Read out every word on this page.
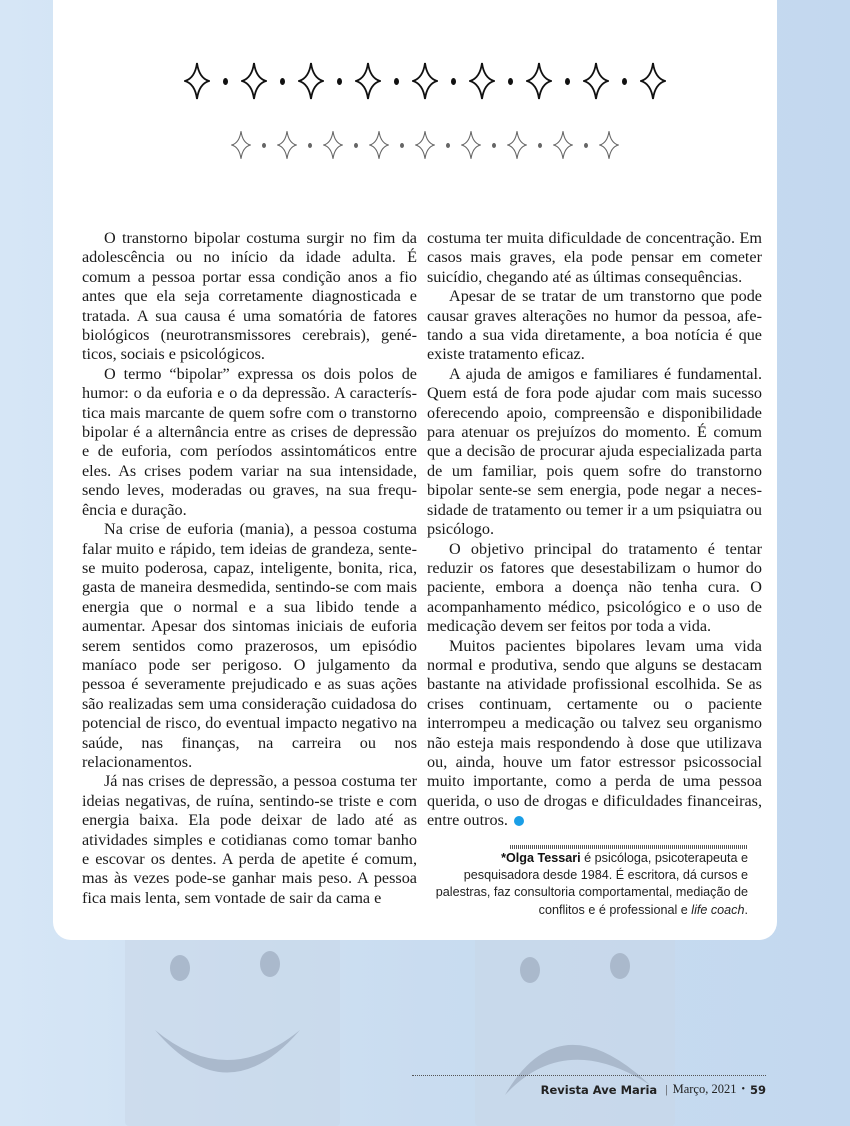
O transtorno bipolar costuma surgir no fim da adolescência ou no início da idade adulta. É comum a pessoa portar essa condição anos a fio antes que ela seja corretamente diagnosticada e tratada. A sua causa é uma somatória de fatores biológicos (neurotransmissores cerebrais), genéticos, sociais e psicológicos.

O termo “bipolar” expressa os dois polos de humor: o da euforia e o da depressão. A característica mais marcante de quem sofre com o transtorno bipolar é a alternância entre as crises de depressão e de euforia, com períodos assintomáticos entre eles. As crises podem variar na sua intensidade, sendo leves, moderadas ou graves, na sua frequência e duração.

Na crise de euforia (mania), a pessoa costuma falar muito e rápido, tem ideias de grandeza, sente-se muito poderosa, capaz, inteligente, bonita, rica, gasta de maneira desmedida, sentindo-se com mais energia que o normal e a sua libido tende a aumentar. Apesar dos sintomas iniciais de euforia serem sentidos como prazerosos, um episódio maníaco pode ser perigoso. O julgamento da pessoa é severamente prejudicado e as suas ações são realizadas sem uma consideração cuidadosa do potencial de risco, do eventual impacto negativo na saúde, nas finanças, na carreira ou nos relacionamentos.

Já nas crises de depressão, a pessoa costuma ter ideias negativas, de ruína, sentindo-se triste e com energia baixa. Ela pode deixar de lado até as atividades simples e cotidianas como tomar banho e escovar os dentes. A perda de apetite é comum, mas às vezes pode-se ganhar mais peso. A pessoa fica mais lenta, sem vontade de sair da cama e

costuma ter muita dificuldade de concentração. Em casos mais graves, ela pode pensar em cometer suicídio, chegando até as últimas consequências.

Apesar de se tratar de um transtorno que pode causar graves alterações no humor da pessoa, afetando a sua vida diretamente, a boa notícia é que existe tratamento eficaz.

A ajuda de amigos e familiares é fundamental. Quem está de fora pode ajudar com mais sucesso oferecendo apoio, compreensão e disponibilidade para atenuar os prejuízos do momento. É comum que a decisão de procurar ajuda especializada parta de um familiar, pois quem sofre do transtorno bipolar sente-se sem energia, pode negar a necessidade de tratamento ou temer ir a um psiquiatra ou psicólogo.

O objetivo principal do tratamento é tentar reduzir os fatores que desestabilizam o humor do paciente, embora a doença não tenha cura. O acompanhamento médico, psicológico e o uso de medicação devem ser feitos por toda a vida.

Muitos pacientes bipolares levam uma vida normal e produtiva, sendo que alguns se destacam bastante na atividade profissional escolhida. Se as crises continuam, certamente ou o paciente interrompeu a medicação ou talvez seu organismo não esteja mais respondendo à dose que utilizava ou, ainda, houve um fator estressor psicossocial muito importante, como a perda de uma pessoa querida, o uso de drogas e dificuldades financeiras, entre outros.

*Olga Tessari é psicóloga, psicoterapeuta e pesquisadora desde 1984. É escritora, dá cursos e palestras, faz consultoria comportamental, mediação de conflitos e é professional e life coach.
Revista Ave Maria | Março, 2021 • 59
